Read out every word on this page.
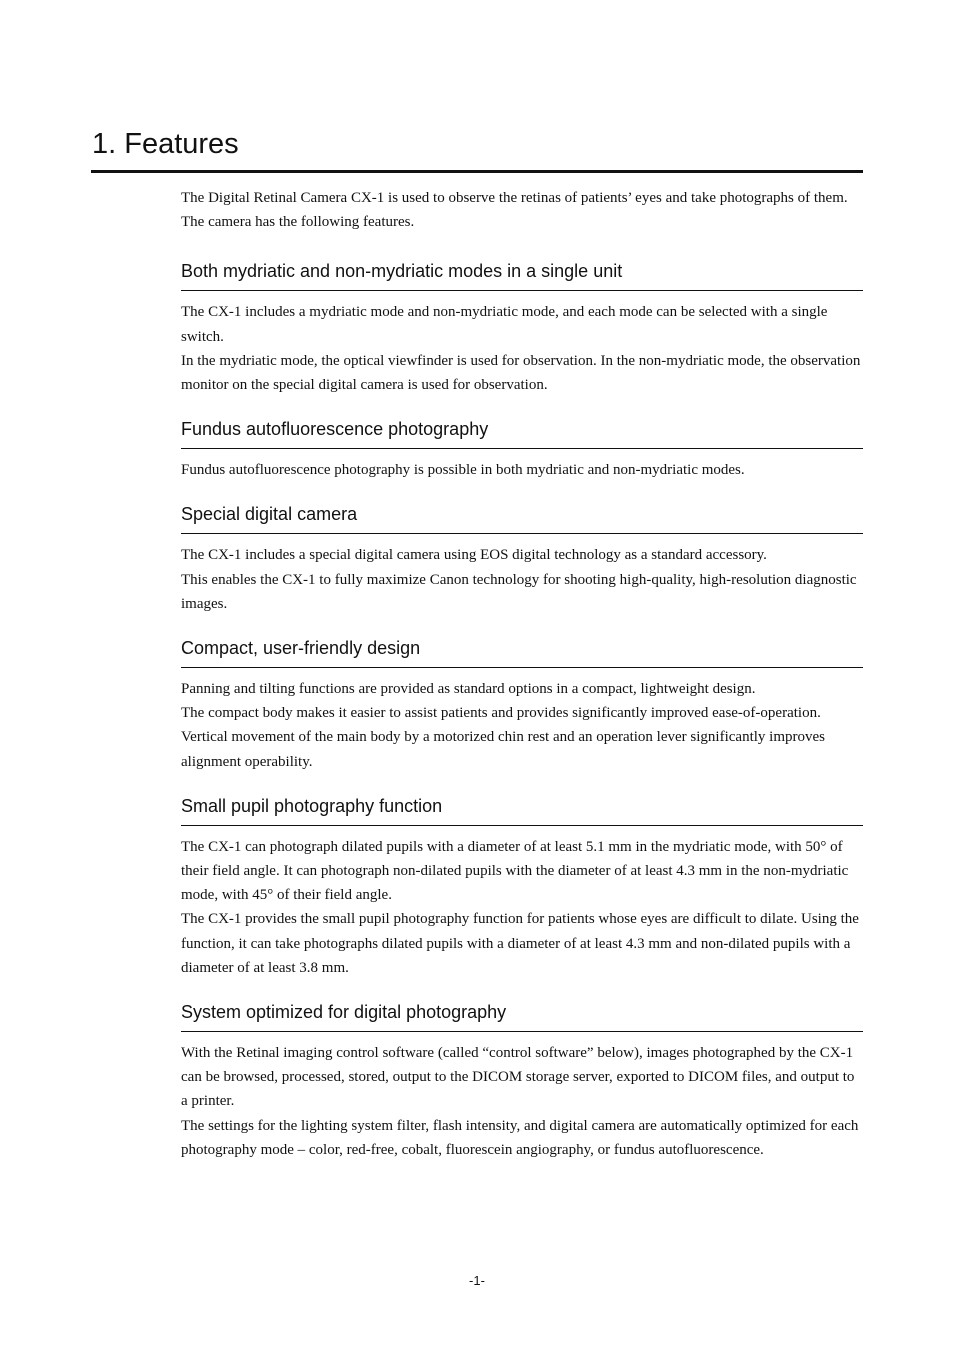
1. Features

The Digital Retinal Camera CX-1 is used to observe the retinas of patients’ eyes and take photographs of them. The camera has the following features.

Both mydriatic and non-mydriatic modes in a single unit

The CX-1 includes a mydriatic mode and non-mydriatic mode, and each mode can be selected with a single switch.

In the mydriatic mode, the optical viewfinder is used for observation. In the non-mydriatic mode, the observation monitor on the special digital camera is used for observation.

Fundus autofluorescence photography

Fundus autofluorescence photography is possible in both mydriatic and non-mydriatic modes.

Special digital camera

The CX-1 includes a special digital camera using EOS digital technology as a standard accessory.

This enables the CX-1 to fully maximize Canon technology for shooting high-quality, high-resolution diagnostic images.

Compact, user-friendly design

Panning and tilting functions are provided as standard options in a compact, lightweight design.

The compact body makes it easier to assist patients and provides significantly improved ease-of-operation.

Vertical movement of the main body by a motorized chin rest and an operation lever significantly improves alignment operability.

Small pupil photography function

The CX-1 can photograph dilated pupils with a diameter of at least 5.1 mm in the mydriatic mode, with 50° of their field angle. It can photograph non-dilated pupils with the diameter of at least 4.3 mm in the non-mydriatic mode, with 45° of their field angle.

The CX-1 provides the small pupil photography function for patients whose eyes are difficult to dilate. Using the function, it can take photographs dilated pupils with a diameter of at least 4.3 mm and non-dilated pupils with a diameter of at least 3.8 mm.

System optimized for digital photography

With the Retinal imaging control software (called “control software” below), images photographed by the CX-1 can be browsed, processed, stored, output to the DICOM storage server, exported to DICOM files, and output to a printer.

The settings for the lighting system filter, flash intensity, and digital camera are automatically optimized for each photography mode – color, red-free, cobalt, fluorescein angiography, or fundus autofluorescence.

-1-
